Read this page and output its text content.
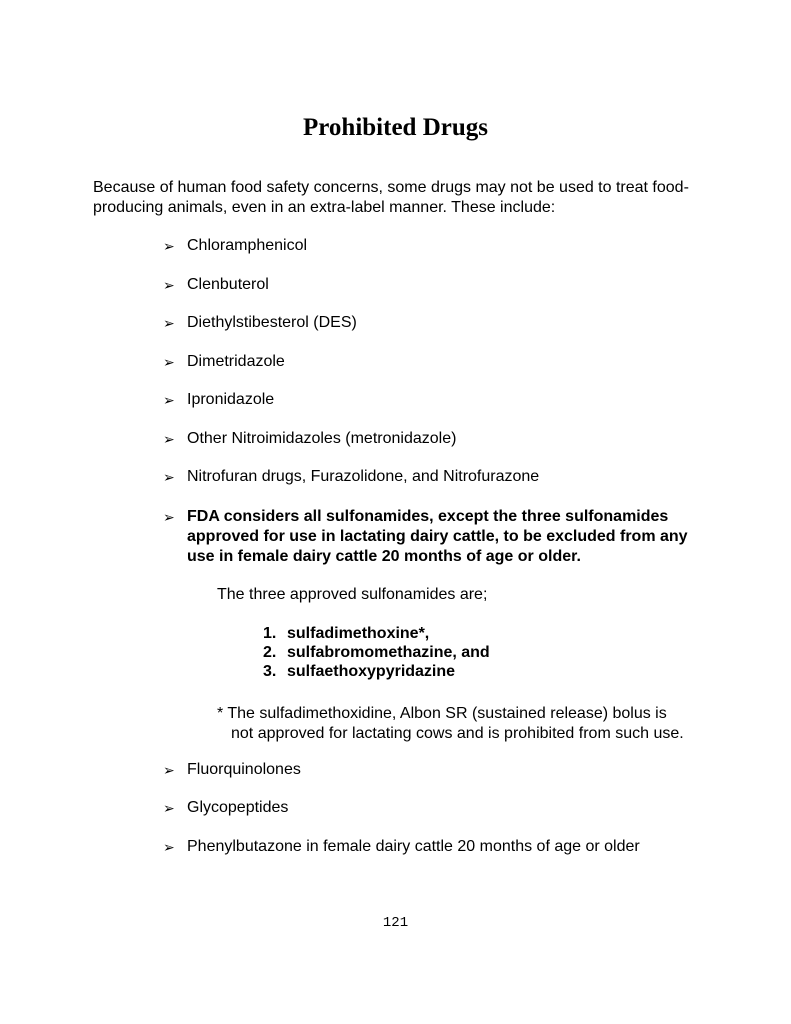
Prohibited Drugs

Because of human food safety concerns, some drugs may not be used to treat food-producing animals, even in an extra-label manner. These include:

➢ Chloramphenicol
➢ Clenbuterol
➢ Diethylstibesterol (DES)
➢ Dimetridazole
➢ Ipronidazole
➢ Other Nitroimidazoles (metronidazole)
➢ Nitrofuran drugs, Furazolidone, and Nitrofurazone
➢ FDA considers all sulfonamides, except the three sulfonamides approved for use in lactating dairy cattle, to be excluded from any use in female dairy cattle 20 months of age or older.
The three approved sulfonamides are;
1. sulfadimethoxine*,
2. sulfabromomethazine, and
3. sulfaethoxypyridazine
* The sulfadimethoxidine, Albon SR (sustained release) bolus is
not approved for lactating cows and is prohibited from such use.
➢ Fluorquinolones
➢ Glycopeptides
➢ Phenylbutazone in female dairy cattle 20 months of age or older
121
